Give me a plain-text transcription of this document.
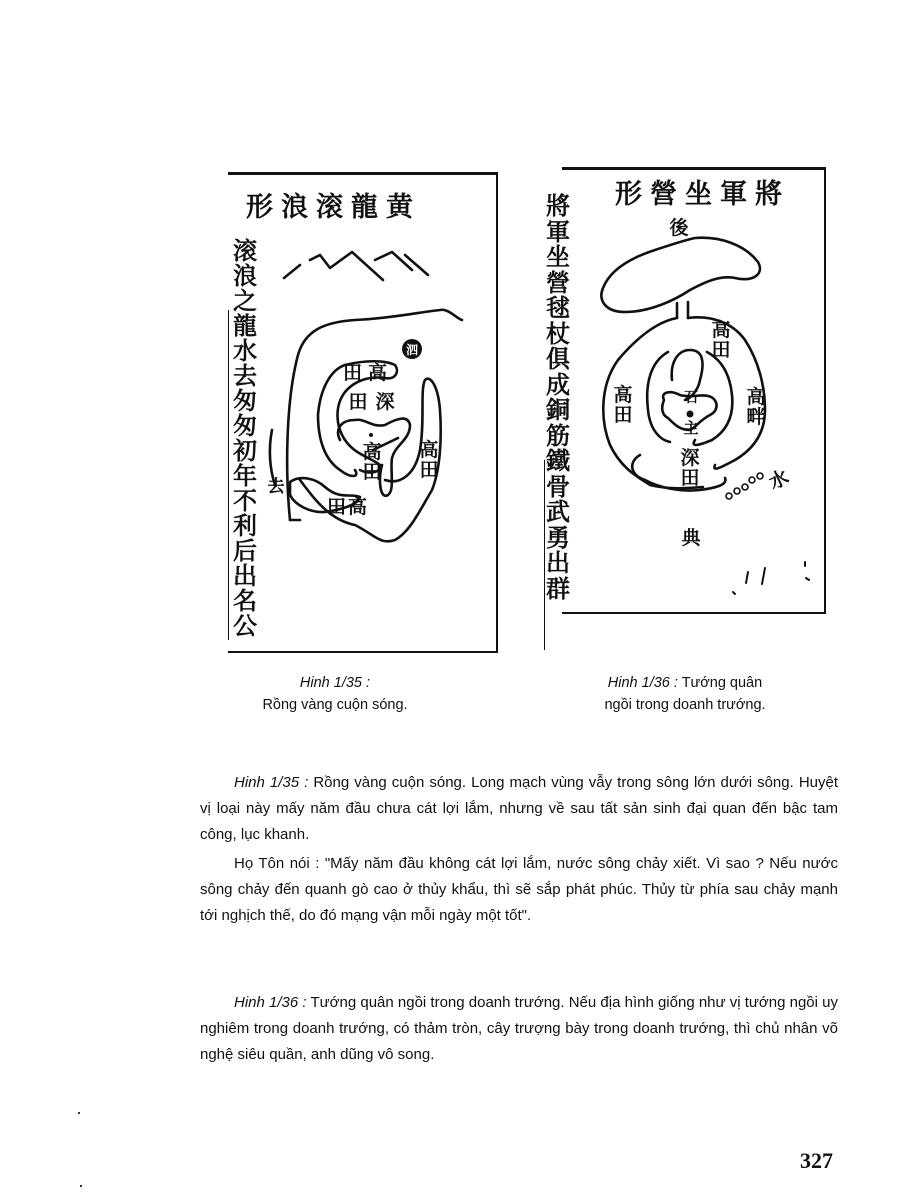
形浪滚龍黄
滚浪之龍水去匆匆初年不利后出名公
泗
田 高
田 深
高田
高田
田高
去
形營坐軍將
將軍坐營毬杖俱成銅筋鐵骨武勇出群
後
高田
高田
高畔
石
主
深田	水
典
Hinh 1/35 :
Rồng vàng cuộn sóng.
Hinh 1/36 : Tướng quân
ngồi trong doanh trướng.

Hinh 1/35 : Rồng vàng cuộn sóng. Long mạch vùng vẫy trong sông lớn dưới sông. Huyệt vị loại này mấy năm đầu chưa cát lợi lắm, nhưng về sau tất sản sinh đại quan đến bậc tam công, lục khanh.

Họ Tôn nói : "Mấy năm đầu không cát lợi lắm, nước sông chảy xiết. Vì sao ? Nếu nước sông chảy đến quanh gò cao ở thủy khẩu, thì sẽ sắp phát phúc. Thủy từ phía sau chảy mạnh tới nghịch thế, do đó mạng vận mỗi ngày một tốt".

Hinh 1/36 : Tướng quân ngồi trong doanh trướng. Nếu địa hình giống như vị tướng ngồi uy nghiêm trong doanh trướng, có thảm tròn, cây trượng bày trong doanh trướng, thì chủ nhân võ nghệ siêu quần, anh dũng vô song.

327
